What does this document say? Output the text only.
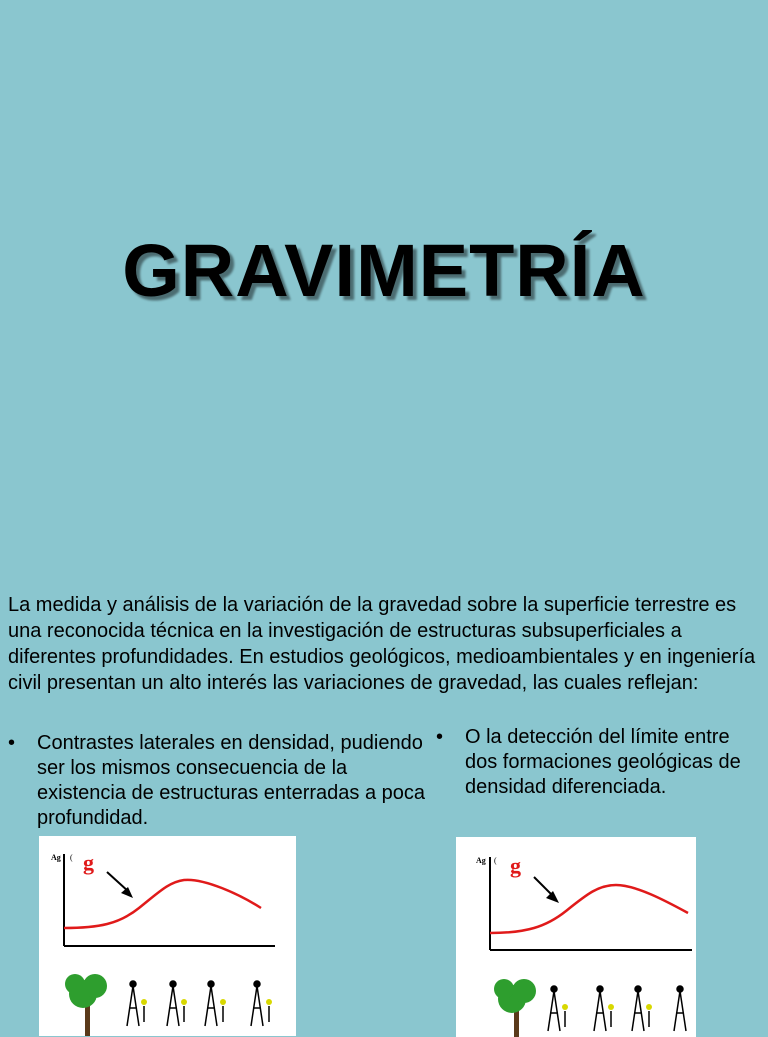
GRAVIMETRÍA

La medida y análisis de la variación de la gravedad sobre la superficie terrestre es una reconocida técnica en la investigación de estructuras subsuperficiales a diferentes profundidades. En estudios geológicos, medioambientales y en ingeniería civil presentan un alto interés las variaciones de gravedad, las cuales reflejan:

• Contrastes laterales en densidad, pudiendo ser los mismos consecuencia de la existencia de estructuras enterradas a poca profundidad.
• O la detección del límite entre dos formaciones geológicas de densidad diferenciada.
Ag ( g	Ag ( g
